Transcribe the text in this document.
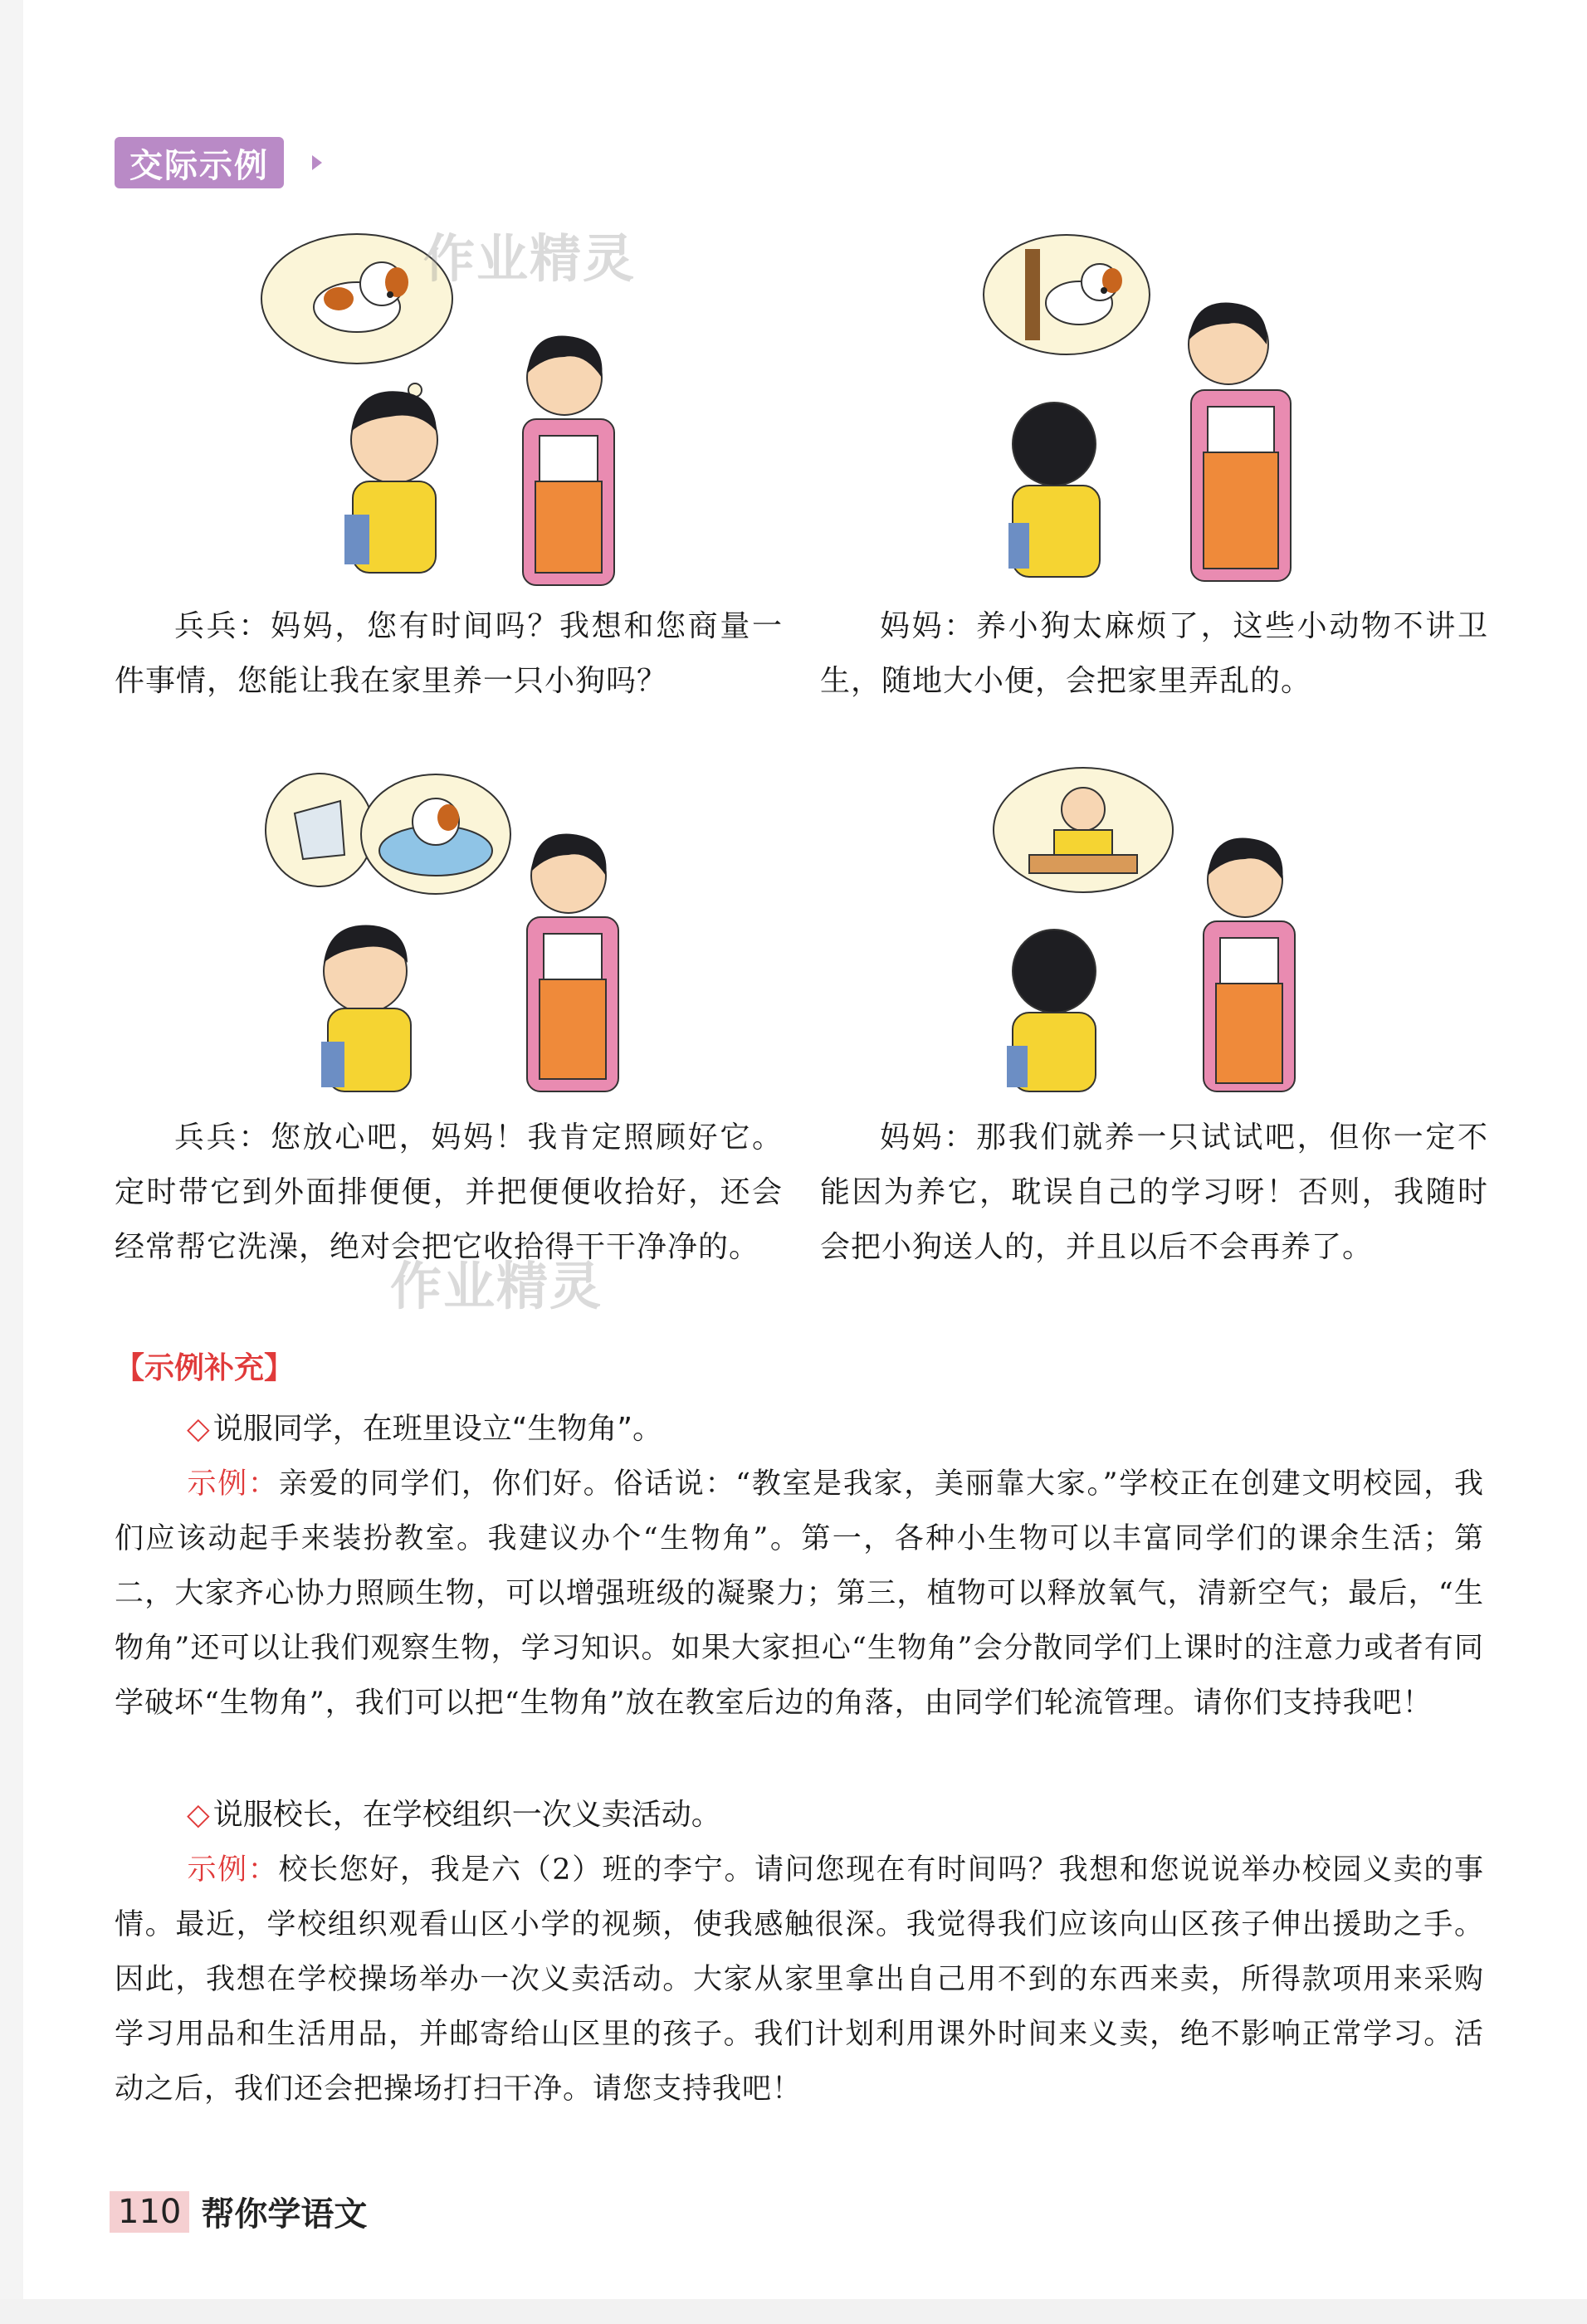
交际示例
作业精灵
作业精灵
兵兵：妈妈，您有时间吗？我想和您商量一件事情，您能让我在家里养一只小狗吗？
妈妈：养小狗太麻烦了，这些小动物不讲卫生，随地大小便，会把家里弄乱的。
兵兵：您放心吧，妈妈！我肯定照顾好它。定时带它到外面排便便，并把便便收拾好，还会经常帮它洗澡，绝对会把它收拾得干干净净的。
妈妈：那我们就养一只试试吧，但你一定不能因为养它，耽误自己的学习呀！否则，我随时会把小狗送人的，并且以后不会再养了。
【示例补充】
◇ 说服同学，在班里设立“生物角”。
示例：亲爱的同学们，你们好。俗话说：“教室是我家，美丽靠大家。”学校正在创建文明校园，我们应该动起手来装扮教室。我建议办个“生物角”。第一，各种小生物可以丰富同学们的课余生活；第二，大家齐心协力照顾生物，可以增强班级的凝聚力；第三，植物可以释放氧气，清新空气；最后，“生物角”还可以让我们观察生物，学习知识。如果大家担心“生物角”会分散同学们上课时的注意力或者有同学破坏“生物角”，我们可以把“生物角”放在教室后边的角落，由同学们轮流管理。请你们支持我吧！
◇ 说服校长，在学校组织一次义卖活动。
示例：校长您好，我是六（2）班的李宁。请问您现在有时间吗？我想和您说说举办校园义卖的事情。最近，学校组织观看山区小学的视频，使我感触很深。我觉得我们应该向山区孩子伸出援助之手。因此，我想在学校操场举办一次义卖活动。大家从家里拿出自己用不到的东西来卖，所得款项用来采购学习用品和生活用品，并邮寄给山区里的孩子。我们计划利用课外时间来义卖，绝不影响正常学习。活动之后，我们还会把操场打扫干净。请您支持我吧！
110 帮你学语文
